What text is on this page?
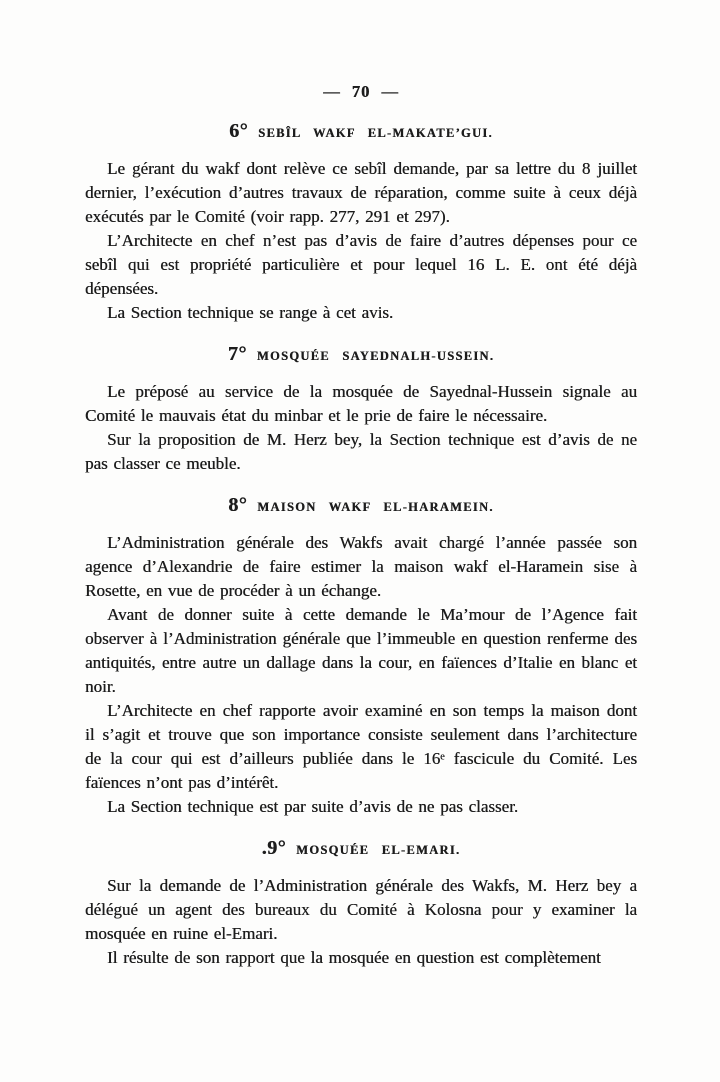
— 70 —
6° SEBÎL WAKF EL-MAKATE’GUI.

Le gérant du wakf dont relève ce sebîl demande, par sa lettre du 8 juillet dernier, l’exécution d’autres travaux de réparation, comme suite à ceux déjà exécutés par le Comité (voir rapp. 277, 291 et 297).

L’Architecte en chef n’est pas d’avis de faire d’autres dépenses pour ce sebîl qui est propriété particulière et pour lequel 16 L. E. ont été déjà dépensées.

La Section technique se range à cet avis.

7° MOSQUÉE SAYEDNALH-USSEIN.

Le préposé au service de la mosquée de Sayednal-Hussein signale au Comité le mauvais état du minbar et le prie de faire le nécessaire.

Sur la proposition de M. Herz bey, la Section technique est d’avis de ne pas classer ce meuble.

8° MAISON WAKF EL-HARAMEIN.

L’Administration générale des Wakfs avait chargé l’année passée son agence d’Alexandrie de faire estimer la maison wakf el-Haramein sise à Rosette, en vue de procéder à un échange.

Avant de donner suite à cette demande le Ma’mour de l’Agence fait observer à l’Administration générale que l’immeuble en question renferme des antiquités, entre autre un dallage dans la cour, en faïences d’Italie en blanc et noir.

L’Architecte en chef rapporte avoir examiné en son temps la maison dont il s’agit et trouve que son importance consiste seulement dans l’architecture de la cour qui est d’ailleurs publiée dans le 16ᵉ fascicule du Comité. Les faïences n’ont pas d’intérêt.

La Section technique est par suite d’avis de ne pas classer.

.9° MOSQUÉE EL-EMARI.

Sur la demande de l’Administration générale des Wakfs, M. Herz bey a délégué un agent des bureaux du Comité à Kolosna pour y examiner la mosquée en ruine el-Emari.

Il résulte de son rapport que la mosquée en question est complètement
